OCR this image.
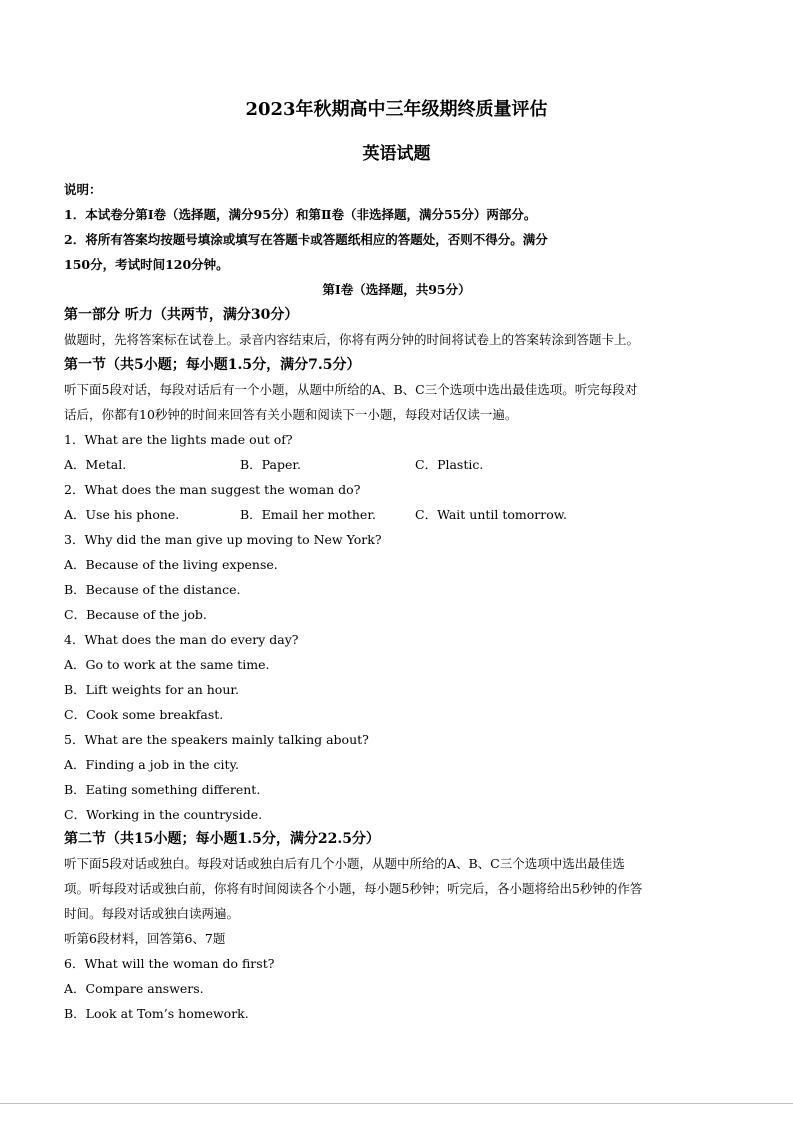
2023年秋期高中三年级期终质量评估
英语试题
说明：
1．本试卷分第Ⅰ卷（选择题，满分95分）和第Ⅱ卷（非选择题，满分55分）两部分。
2．将所有答案均按题号填涂或填写在答题卡或答题纸相应的答题处，否则不得分。满分
150分，考试时间120分钟。
第Ⅰ卷（选择题，共95分）
第一部分 听力（共两节，满分30分）
做题时，先将答案标在试卷上。录音内容结束后，你将有两分钟的时间将试卷上的答案转涂到答题卡上。
第一节（共5小题；每小题1.5分，满分7.5分）
听下面5段对话，每段对话后有一个小题，从题中所给的A、B、C三个选项中选出最佳选项。听完每段对
话后，你都有10秒钟的时间来回答有关小题和阅读下一小题，每段对话仅读一遍。
1．What are the lights made out of?
A．Metal.	B．Paper.	C．Plastic.
2．What does the man suggest the woman do?
A．Use his phone.	B．Email her mother.	C．Wait until tomorrow.
3．Why did the man give up moving to New York?
A．Because of the living expense.
B．Because of the distance.
C．Because of the job.
4．What does the man do every day?
A．Go to work at the same time.
B．Lift weights for an hour.
C．Cook some breakfast.
5．What are the speakers mainly talking about?
A．Finding a job in the city.
B．Eating something different.
C．Working in the countryside.
第二节（共15小题；每小题1.5分，满分22.5分）
听下面5段对话或独白。每段对话或独白后有几个小题，从题中所给的A、B、C三个选项中选出最佳选
项。听每段对话或独白前，你将有时间阅读各个小题，每小题5秒钟；听完后，各小题将给出5秒钟的作答
时间。每段对话或独白读两遍。
听第6段材料，回答第6、7题
6．What will the woman do first?
A．Compare answers.
B．Look at Tom’s homework.
